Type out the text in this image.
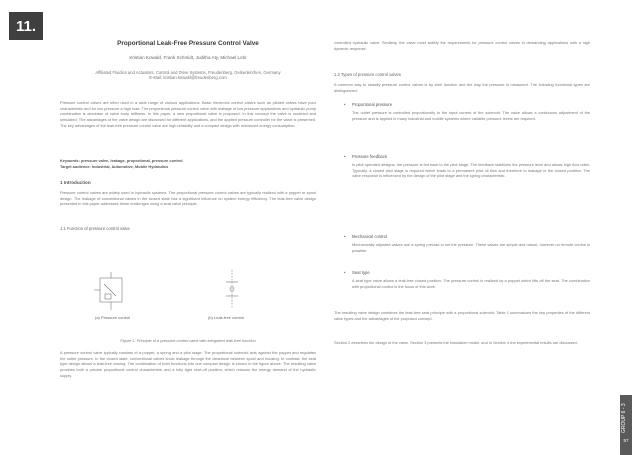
11.
Proportional Leak-Free Pressure Control Valve
Kristian Kowald, Frank Schmidt, Juditha Aty, Michael Lohr
Affiliated Fluidics and Actuators, Control and Drive Systems, Freudenberg, Gelsenkirchen, Germany
E-Mail: kristian.kowald@freudenberg.com
Pressure control valves are often used in a wide range of various applications. Basic electronic control valves such as piloted valves have poor characteristic and for low pressure a high load. The proportional pressure control valve with leakage of low pressure applications and hydraulic pump combination is decrease of valve body stiffness. In this paper, a new proportional valve is proposed. In this concept the valve is modeled and simulated. The advantages of the valve design are discussed for different applications, and the applied pressure controller for the valve is presented. The key advantages of the leak-free pressure control valve are high reliability and a compact design with minimized energy consumption.
Keywords: pressure valve, leakage, proportional, pressure control
Target audience: Industrial, Automotive, Mobile Hydraulics
1 Introduction
Pressure control valves are widely used in hydraulic systems. The proportional pressure control valves are typically realized with a poppet or spool design. The leakage of conventional valves in the closed state has a significant influence on system energy efficiency. The leak-free valve design presented in this paper addresses these challenges using a seat valve principle.
1.1 Function of pressure control valve
(a) Pressure control	(b) Leak-free control
Figure 1: Principle of a pressure control valve with integrated leak-free function
A pressure control valve typically consists of a poppet, a spring and a pilot stage. The proportional solenoid acts against the poppet and regulates the outlet pressure. In the closed state, conventional valves show leakage through the clearance between spool and housing. In contrast, the seat type design allows a leak-free closing. The combination of both functions into one compact design is shown in the figure above. The resulting valve provides both a precise proportional control characteristic and a fully tight shut-off position, which reduces the energy demand of the hydraulic supply.
controlled hydraulic valve. Similarly, the valve must satisfy the requirements for pressure control valves in demanding applications with a high dynamic response.
1.2 Types of pressure control valves
A common way to classify pressure control valves is by their function and the way the pressure is measured. The following functional types are distinguished:
• Proportional pressure
The outlet pressure is controlled proportionally to the input current of the solenoid. The valve allows a continuous adjustment of the pressure and is applied in many industrial and mobile systems where variable pressure levels are required.
• Pressure feedback
In pilot operated designs, the pressure is fed back to the pilot stage. The feedback stabilizes the pressure level and allows high flow rates. Typically, a closed pilot stage is required which leads to a permanent pilot oil flow and therefore to leakage in the closed position. The valve response is influenced by the design of the pilot stage and the spring characteristic.
• Mechanical control
Mechanically adjusted valves use a spring preload to set the pressure. These valves are simple and robust, however no remote control is possible.
• Seat type
A seat type valve allows a leak-free closed position. The pressure control is realized by a poppet which lifts off the seat. The combination with proportional control is the focus of this work.
The resulting valve design combines the leak-free seat principle with a proportional solenoid. Table 1 summarizes the key properties of the different valve types and the advantages of the proposed concept.
Section 2 describes the design of the valve, Section 3 presents the simulation model, and in Section 4 the experimental results are discussed.
GROUP 6 - 3
57
